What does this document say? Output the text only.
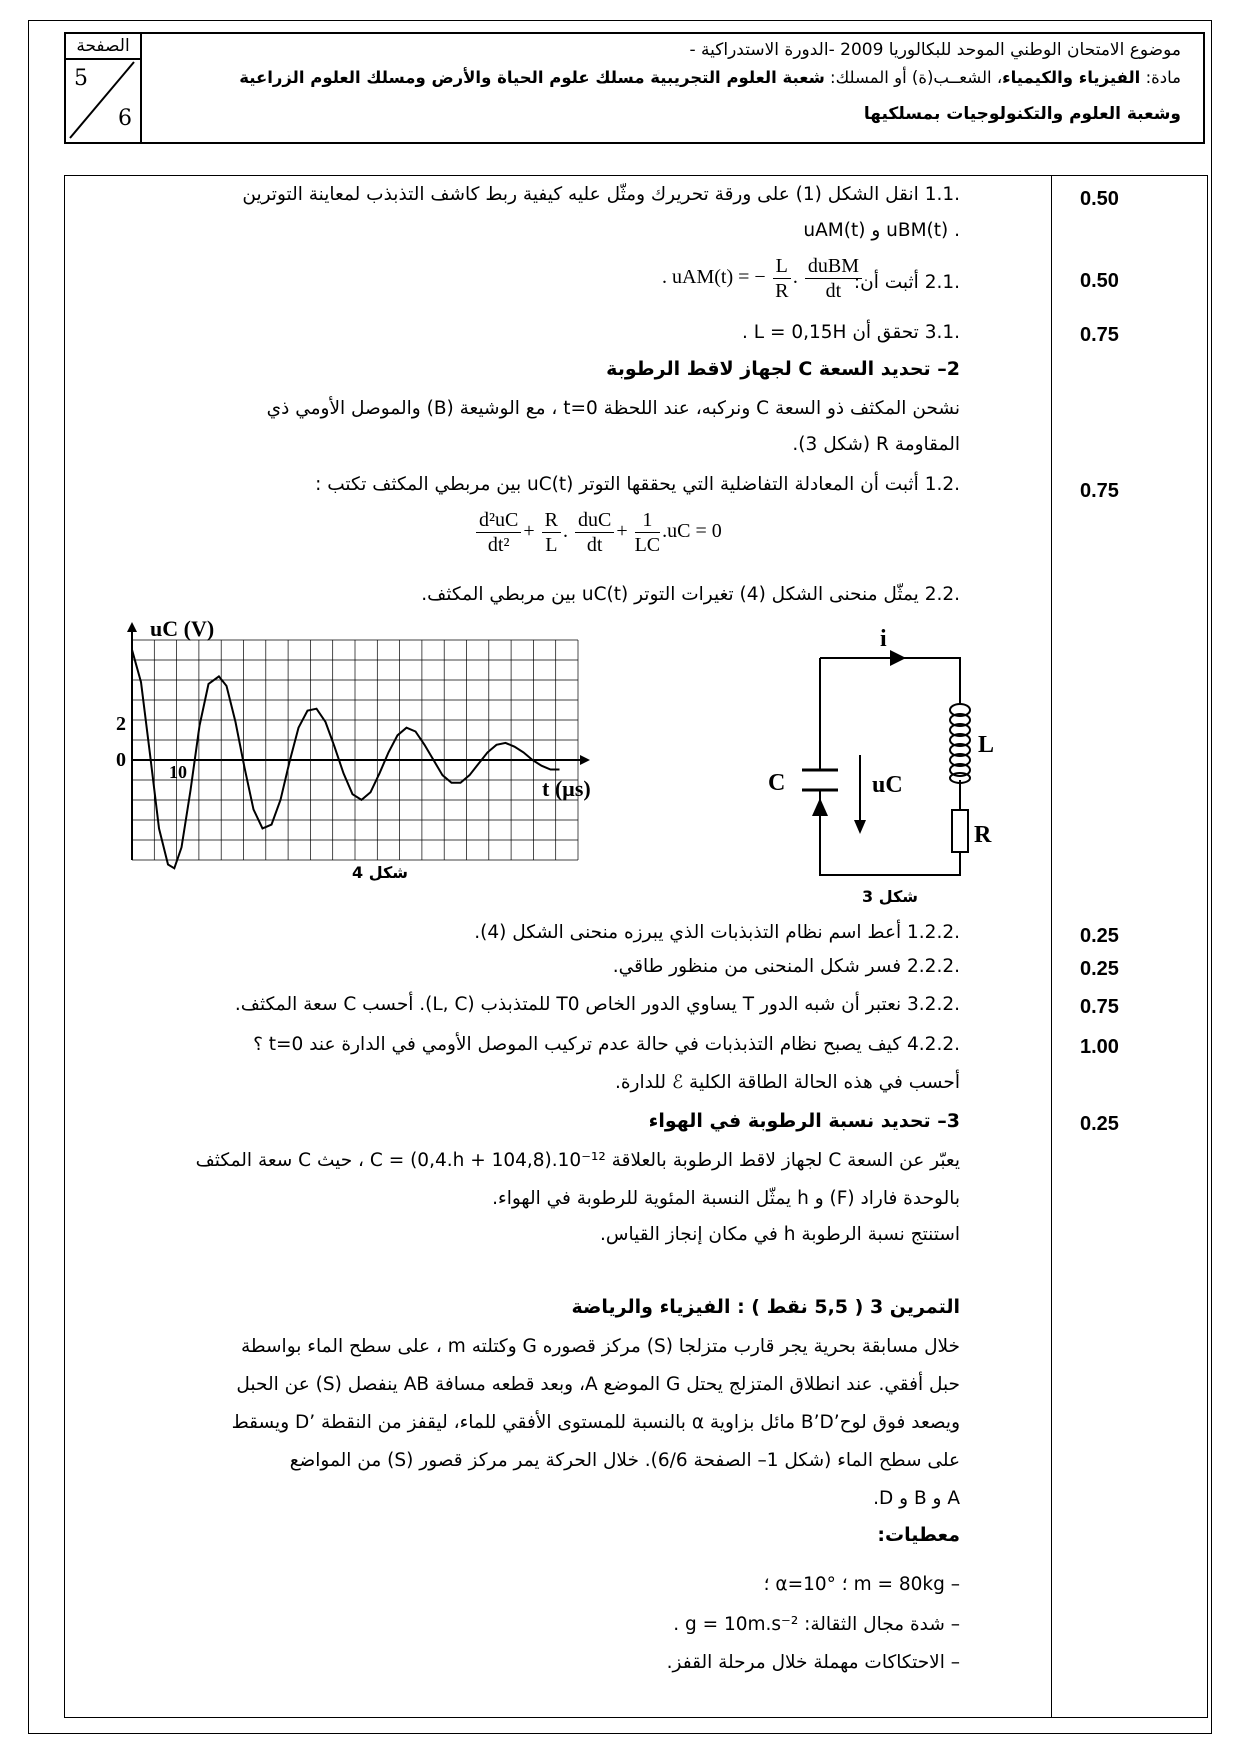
الصفحة
5
6
موضوع الامتحان الوطني الموحد للبكالوريا 2009 -الدورة الاستدراكية -
مادة: الفيزياء والكيمياء، الشعــب(ة) أو المسلك: شعبة العلوم التجريبية مسلك علوم الحياة والأرض ومسلك العلوم الزراعية
وشعبة العلوم والتكنولوجيات بمسلكيها
0.50
0.50
0.75
0.75
0.25
0.25
0.75
1.00
0.25
.1.1 انقل الشكل (1) على ورقة تحريرك ومثّل عليه كيفية ربط كاشف التذبذب لمعاينة التوترين
. uBM(t) و uAM(t)
.2.1 أثبت أن:
. uAM(t) = − $\frac{L}{R}$ . $\frac{\text{duBM}}{dt}$
.3.1 تحقق أن L = 0,15H .
2– تحديد السعة C لجهاز لاقط الرطوبة
نشحن المكثف ذو السعة C ونركبه، عند اللحظة t=0 ، مع الوشيعة (B) والموصل الأومي ذي
المقاومة R (شكل 3).
.1.2 أثبت أن المعادلة التفاضلية التي يحققها التوتر uC(t) بين مربطي المكثف تكتب :
$\frac{\text{d²uC}}{\text{dt²}} + \frac{R}{L}$ . $\frac{\text{duC}}{dt} + \frac{1}{LC} .uC = 0$
.2.2 يمثّل منحنى الشكل (4) تغيرات التوتر uC(t) بين مربطي المكثف.
uC (V)
t (µs)
2
0
10
شكل 4
i
C	uC
L
R
شكل 3
.1.2.2 أعط اسم نظام التذبذبات الذي يبرزه منحنى الشكل (4).
.2.2.2 فسر شكل المنحنى من منظور طاقي.
.3.2.2 نعتبر أن شبه الدور T يساوي الدور الخاص T0 للمتذبذب (L, C). أحسب C سعة المكثف.
.4.2.2 كيف يصبح نظام التذبذبات في حالة عدم تركيب الموصل الأومي في الدارة عند t=0 ؟
أحسب في هذه الحالة الطاقة الكلية ℰ للدارة.
3– تحديد نسبة الرطوبة في الهواء
يعبّر عن السعة C لجهاز لاقط الرطوبة بالعلاقة C = (0,4.h + 104,8).10⁻¹² ، حيث C سعة المكثف
بالوحدة فاراد (F) و h يمثّل النسبة المئوية للرطوبة في الهواء.
استنتج نسبة الرطوبة h في مكان إنجاز القياس.
التمرين 3 ( 5,5 نقط ) : الفيزياء والرياضة
خلال مسابقة بحرية يجر قارب متزلجا (S) مركز قصوره G وكتلته m ، على سطح الماء بواسطة
حبل أفقي. عند انطلاق المتزلج يحتل G الموضع A، وبعد قطعه مسافة AB ينفصل (S) عن الحبل
ويصعد فوق لوح’B’D مائل بزاوية α بالنسبة للمستوى الأفقي للماء، ليقفز من النقطة ’D ويسقط
على سطح الماء (شكل 1– الصفحة 6/6). خلال الحركة يمر مركز قصور (S) من المواضع
A و B و D.
معطيات:
– m = 80kg ؛ α=10° ؛
– شدة مجال الثقالة: g = 10m.s⁻² .
– الاحتكاكات مهملة خلال مرحلة القفز.
